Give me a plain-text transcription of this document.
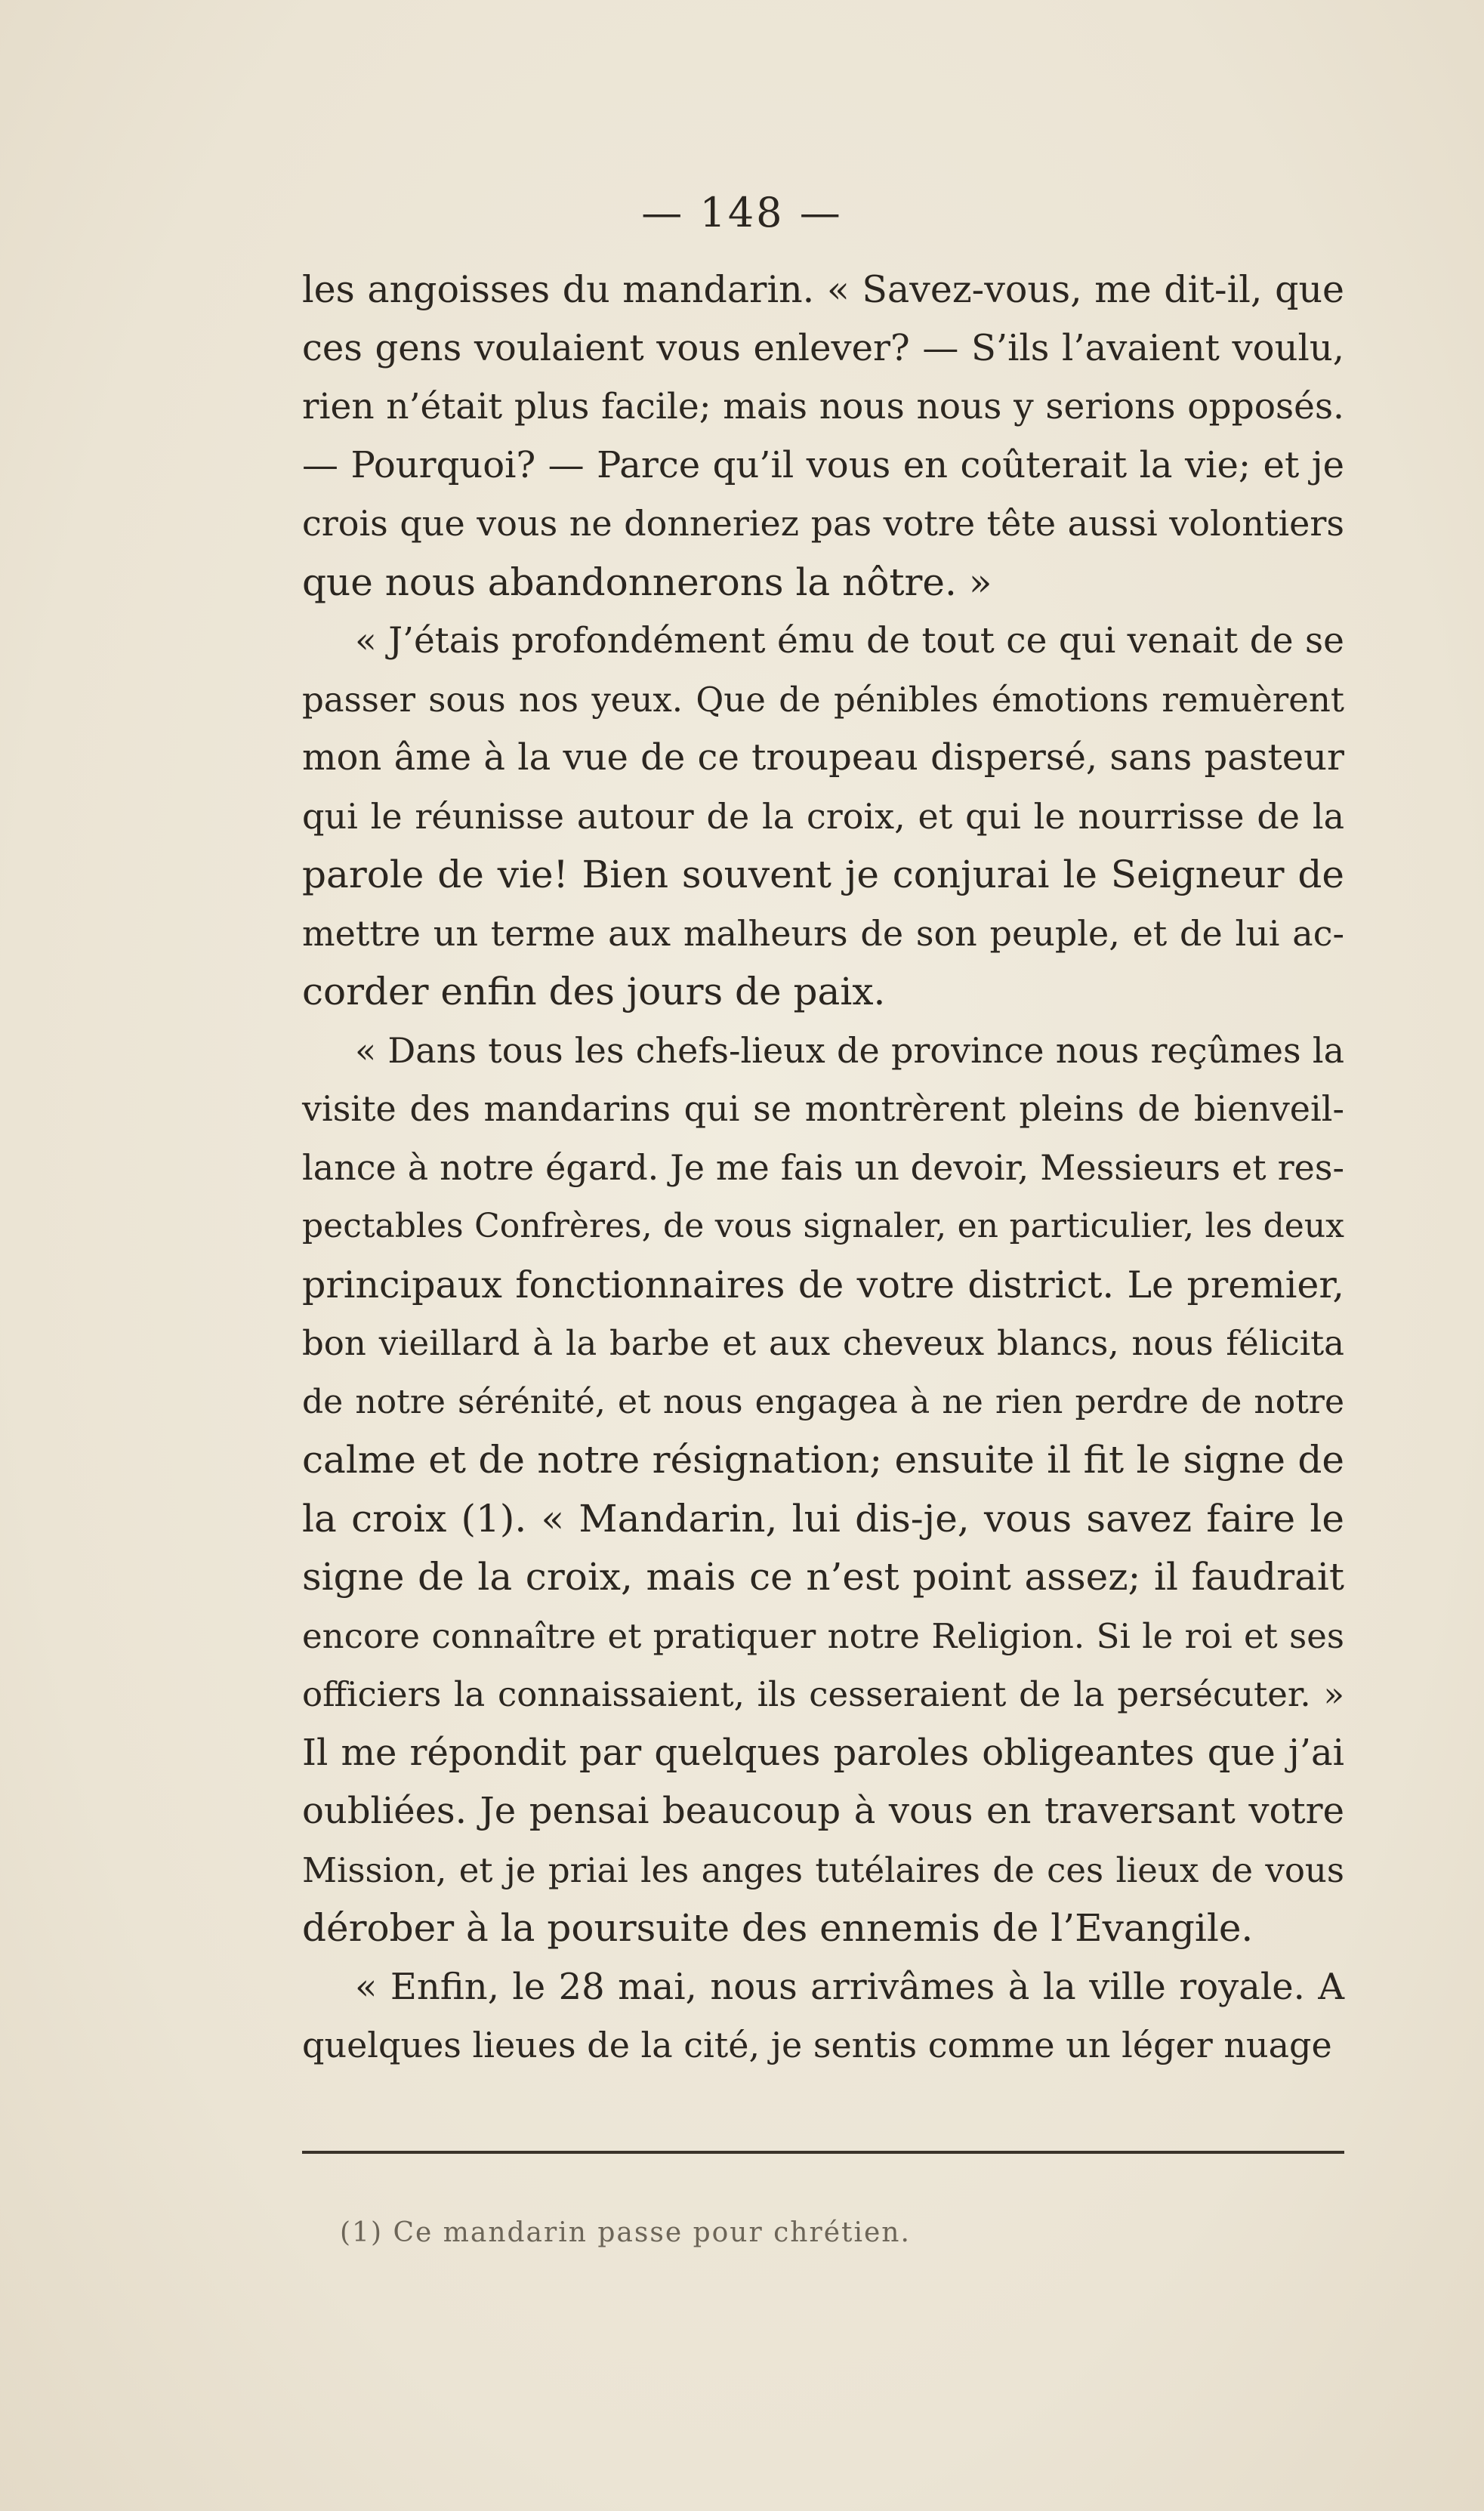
— 148 —
les angoisses du mandarin. « Savez-vous, me dit-il, que
ces gens voulaient vous enlever? — S’ils l’avaient voulu,
rien n’était plus facile; mais nous nous y serions opposés.
— Pourquoi? — Parce qu’il vous en coûterait la vie; et je
crois que vous ne donneriez pas votre tête aussi volontiers
que nous abandonnerons la nôtre. »
« J’étais profondément ému de tout ce qui venait de se
passer sous nos yeux. Que de pénibles émotions remuèrent
mon âme à la vue de ce troupeau dispersé, sans pasteur
qui le réunisse autour de la croix, et qui le nourrisse de la
parole de vie! Bien souvent je conjurai le Seigneur de
mettre un terme aux malheurs de son peuple, et de lui ac-
corder enfin des jours de paix.
« Dans tous les chefs-lieux de province nous reçûmes la
visite des mandarins qui se montrèrent pleins de bienveil-
lance à notre égard. Je me fais un devoir, Messieurs et res-
pectables Confrères, de vous signaler, en particulier, les deux
principaux fonctionnaires de votre district. Le premier,
bon vieillard à la barbe et aux cheveux blancs, nous félicita
de notre sérénité, et nous engagea à ne rien perdre de notre
calme et de notre résignation; ensuite il fit le signe de
la croix (1). « Mandarin, lui dis-je, vous savez faire le
signe de la croix, mais ce n’est point assez; il faudrait
encore connaître et pratiquer notre Religion. Si le roi et ses
officiers la connaissaient, ils cesseraient de la persécuter. »
Il me répondit par quelques paroles obligeantes que j’ai
oubliées. Je pensai beaucoup à vous en traversant votre
Mission, et je priai les anges tutélaires de ces lieux de vous
dérober à la poursuite des ennemis de l’Evangile.
« Enfin, le 28 mai, nous arrivâmes à la ville royale. A
quelques lieues de la cité, je sentis comme un léger nuage
(1) Ce mandarin passe pour chrétien.
